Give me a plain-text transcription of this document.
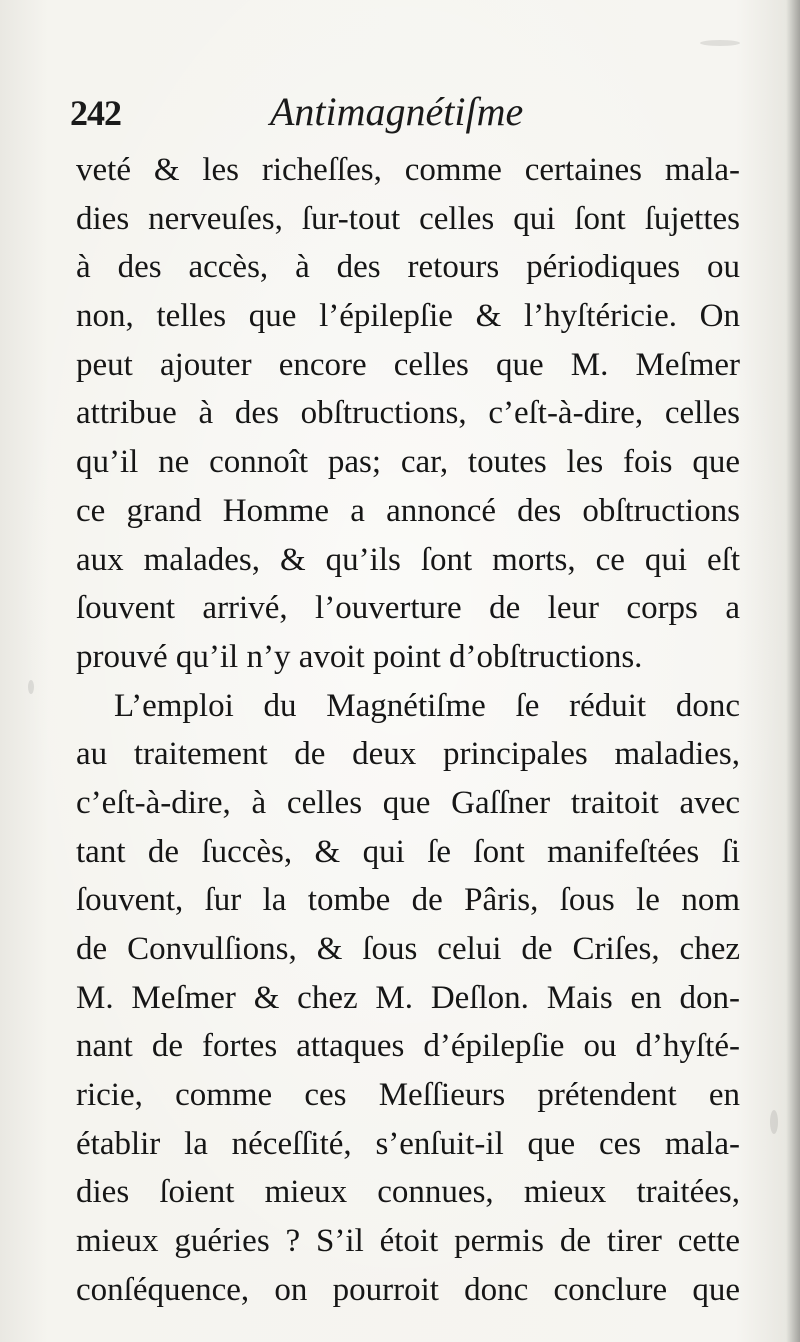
242	Antimagnétiſme
veté & les richeſſes, comme certaines mala-
dies nerveuſes, ſur-tout celles qui ſont ſujettes
à des accès, à des retours périodiques ou
non, telles que l’épilepſie & l’hyſtéricie. On
peut ajouter encore celles que M. Meſmer
attribue à des obſtructions, c’eſt-à-dire, celles
qu’il ne connoît pas; car, toutes les fois que
ce grand Homme a annoncé des obſtructions
aux malades, & qu’ils ſont morts, ce qui eſt
ſouvent arrivé, l’ouverture de leur corps a
prouvé qu’il n’y avoit point d’obſtructions.
L’emploi du Magnétiſme ſe réduit donc
au traitement de deux principales maladies,
c’eſt-à-dire, à celles que Gaſſner traitoit avec
tant de ſuccès, & qui ſe ſont manifeſtées ſi
ſouvent, ſur la tombe de Pâris, ſous le nom
de Convulſions, & ſous celui de Criſes, chez
M. Meſmer & chez M. Deſlon. Mais en don-
nant de fortes attaques d’épilepſie ou d’hyſté-
ricie, comme ces Meſſieurs prétendent en
établir la néceſſité, s’enſuit-il que ces mala-
dies ſoient mieux connues, mieux traitées,
mieux guéries ? S’il étoit permis de tirer cette
conſéquence, on pourroit donc conclure que
